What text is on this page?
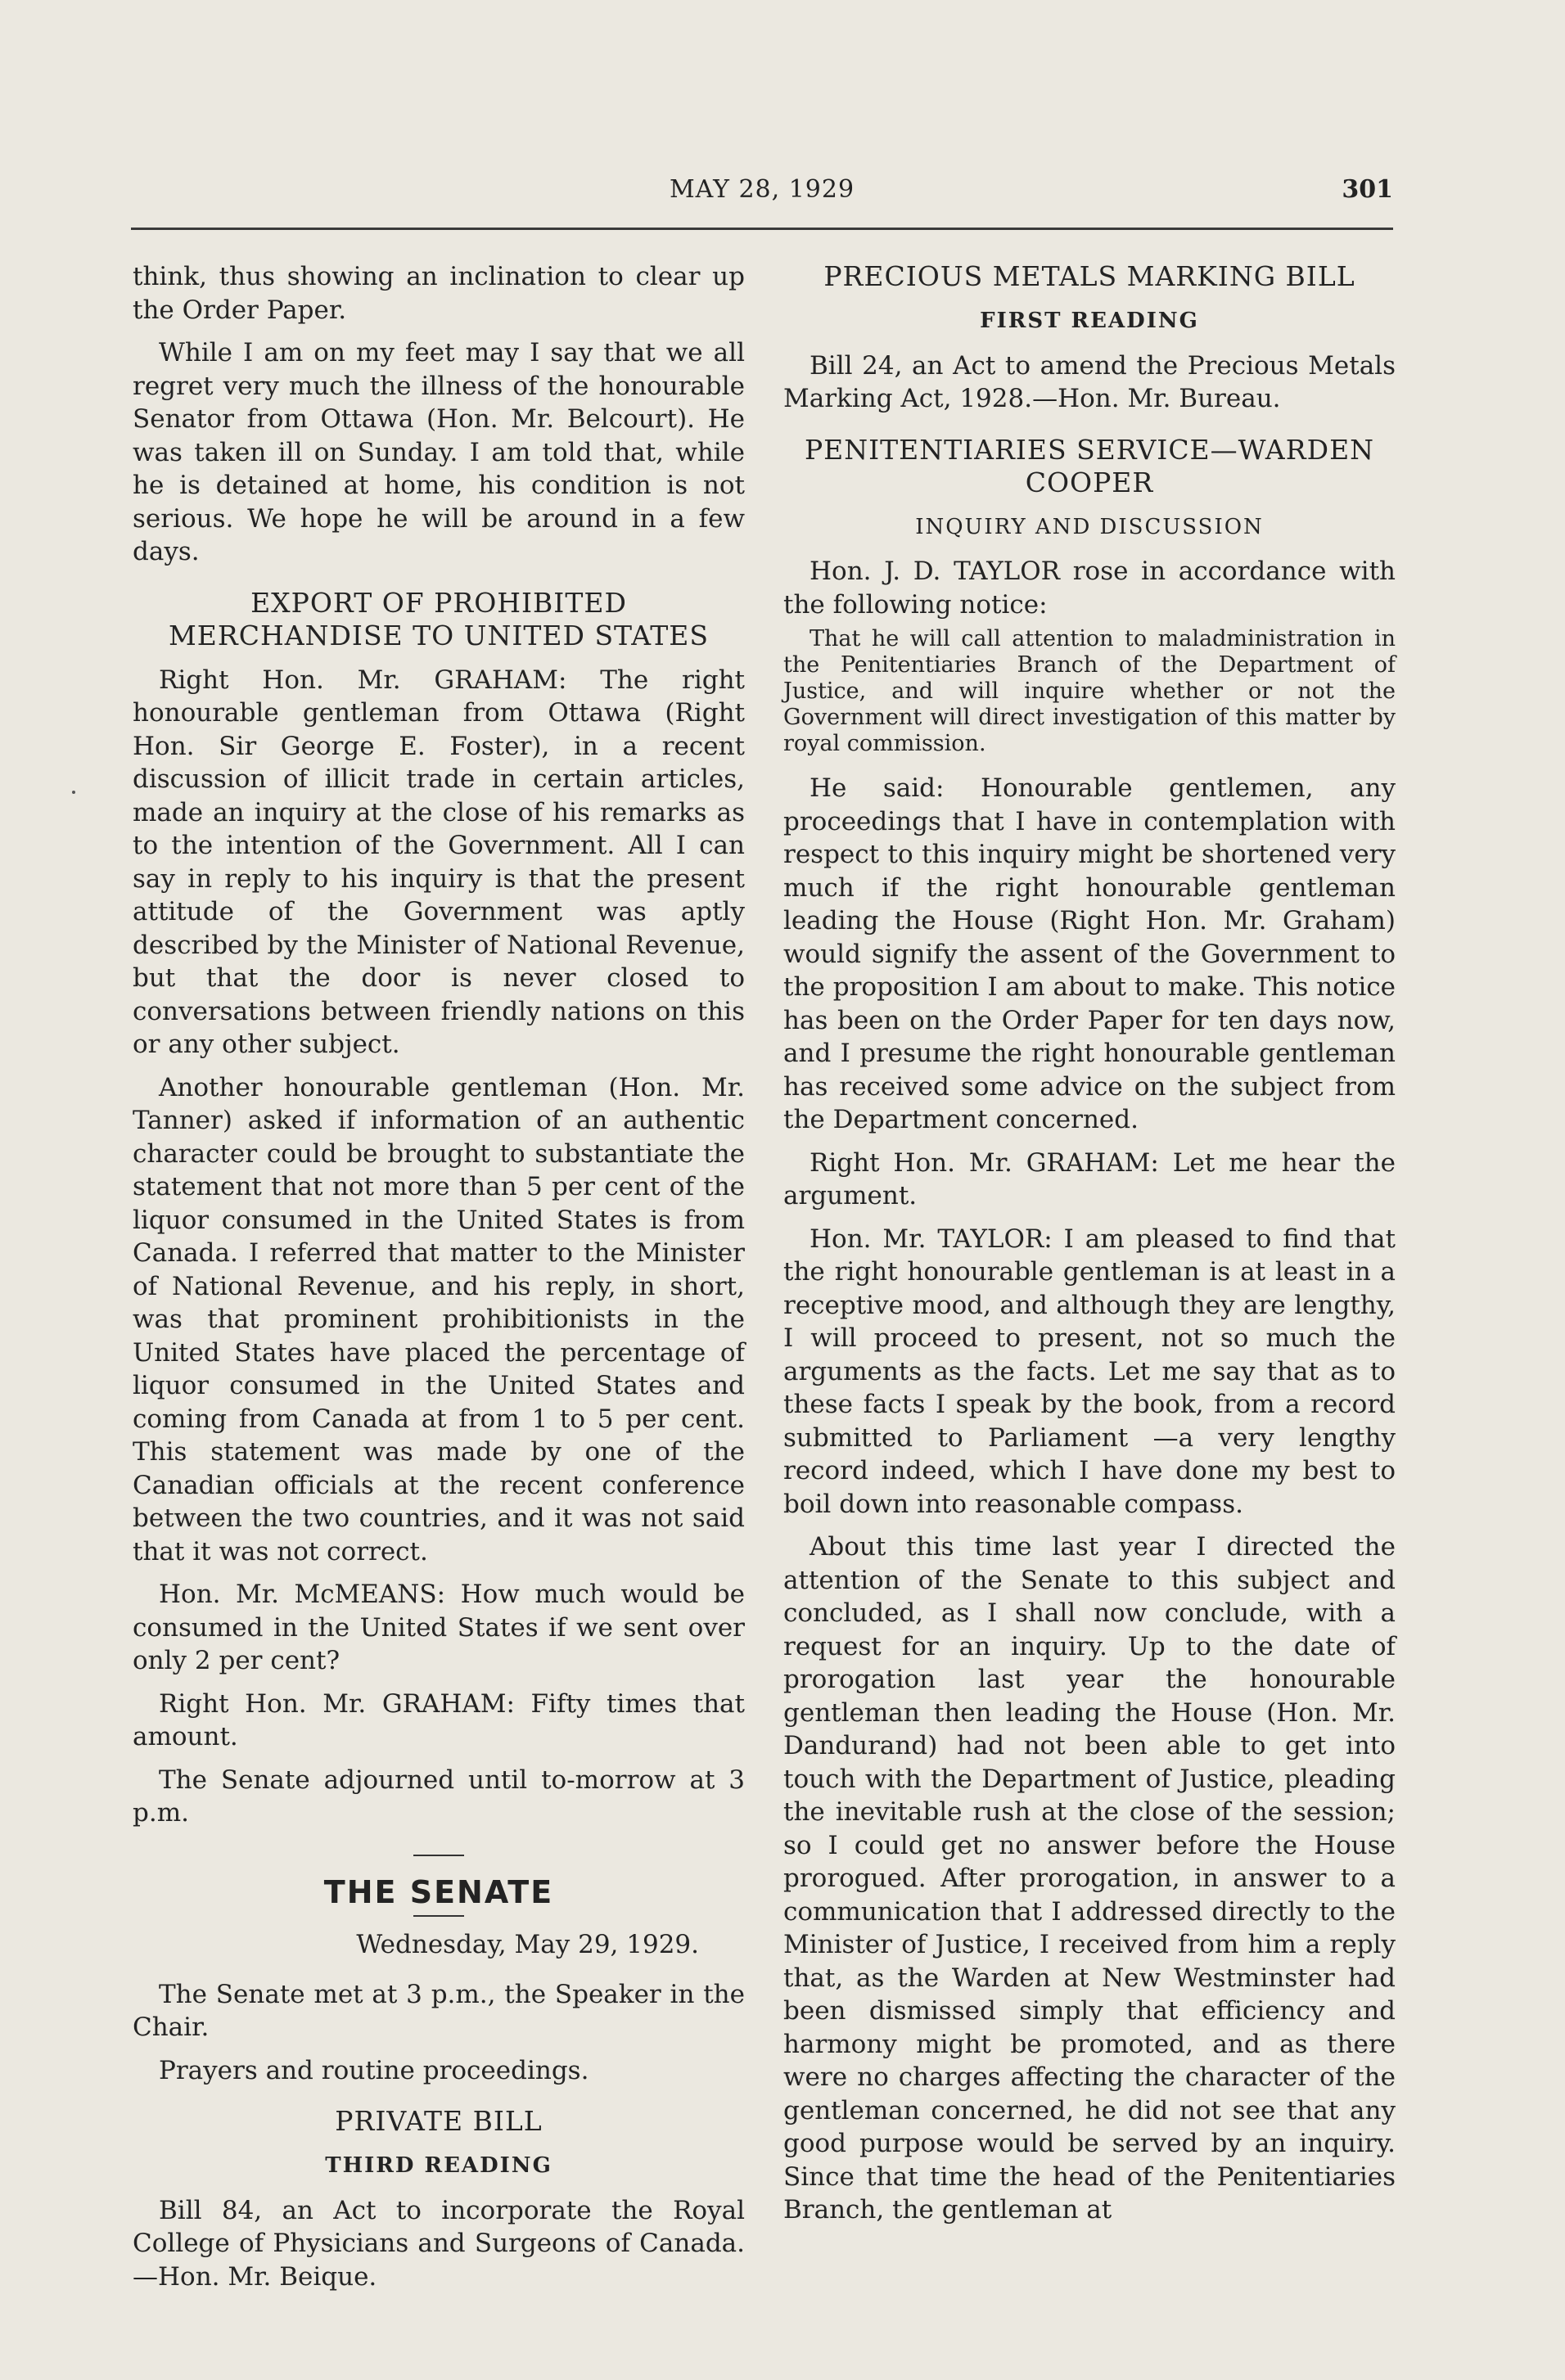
MAY 28, 1929	301

think, thus showing an inclination to clear up the Order Paper.

While I am on my feet may I say that we all regret very much the illness of the honourable Senator from Ottawa (Hon. Mr. Belcourt). He was taken ill on Sunday. I am told that, while he is detained at home, his condition is not serious. We hope he will be around in a few days.

EXPORT OF PROHIBITED MERCHANDISE TO UNITED STATES

Right Hon. Mr. GRAHAM: The right honourable gentleman from Ottawa (Right Hon. Sir George E. Foster), in a recent discussion of illicit trade in certain articles, made an inquiry at the close of his remarks as to the intention of the Government. All I can say in reply to his inquiry is that the present attitude of the Government was aptly described by the Minister of National Revenue, but that the door is never closed to conversations between friendly nations on this or any other subject.

Another honourable gentleman (Hon. Mr. Tanner) asked if information of an authentic character could be brought to substantiate the statement that not more than 5 per cent of the liquor consumed in the United States is from Canada. I referred that matter to the Minister of National Revenue, and his reply, in short, was that prominent prohibitionists in the United States have placed the percentage of liquor consumed in the United States and coming from Canada at from 1 to 5 per cent. This statement was made by one of the Canadian officials at the recent conference between the two countries, and it was not said that it was not correct.

Hon. Mr. McMEANS: How much would be consumed in the United States if we sent over only 2 per cent?

Right Hon. Mr. GRAHAM: Fifty times that amount.

The Senate adjourned until to-morrow at 3 p.m.

THE SENATE
Wednesday, May 29, 1929.

The Senate met at 3 p.m., the Speaker in the Chair.

Prayers and routine proceedings.

PRIVATE BILL
THIRD READING

Bill 84, an Act to incorporate the Royal College of Physicians and Surgeons of Canada.—Hon. Mr. Beique.

PRECIOUS METALS MARKING BILL
FIRST READING

Bill 24, an Act to amend the Precious Metals Marking Act, 1928.—Hon. Mr. Bureau.

PENITENTIARIES SERVICE—WARDEN COOPER
INQUIRY AND DISCUSSION

Hon. J. D. TAYLOR rose in accordance with the following notice:

That he will call attention to maladministration in the Penitentiaries Branch of the Department of Justice, and will inquire whether or not the Government will direct investigation of this matter by royal commission.

He said: Honourable gentlemen, any proceedings that I have in contemplation with respect to this inquiry might be shortened very much if the right honourable gentleman leading the House (Right Hon. Mr. Graham) would signify the assent of the Government to the proposition I am about to make. This notice has been on the Order Paper for ten days now, and I presume the right honourable gentleman has received some advice on the subject from the Department concerned.

Right Hon. Mr. GRAHAM: Let me hear the argument.

Hon. Mr. TAYLOR: I am pleased to find that the right honourable gentleman is at least in a receptive mood, and although they are lengthy, I will proceed to present, not so much the arguments as the facts. Let me say that as to these facts I speak by the book, from a record submitted to Parliament —a very lengthy record indeed, which I have done my best to boil down into reasonable compass.

About this time last year I directed the attention of the Senate to this subject and concluded, as I shall now conclude, with a request for an inquiry. Up to the date of prorogation last year the honourable gentleman then leading the House (Hon. Mr. Dandurand) had not been able to get into touch with the Department of Justice, pleading the inevitable rush at the close of the session; so I could get no answer before the House prorogued. After prorogation, in answer to a communication that I addressed directly to the Minister of Justice, I received from him a reply that, as the Warden at New Westminster had been dismissed simply that efficiency and harmony might be promoted, and as there were no charges affecting the character of the gentleman concerned, he did not see that any good purpose would be served by an inquiry. Since that time the head of the Penitentiaries Branch, the gentleman at
